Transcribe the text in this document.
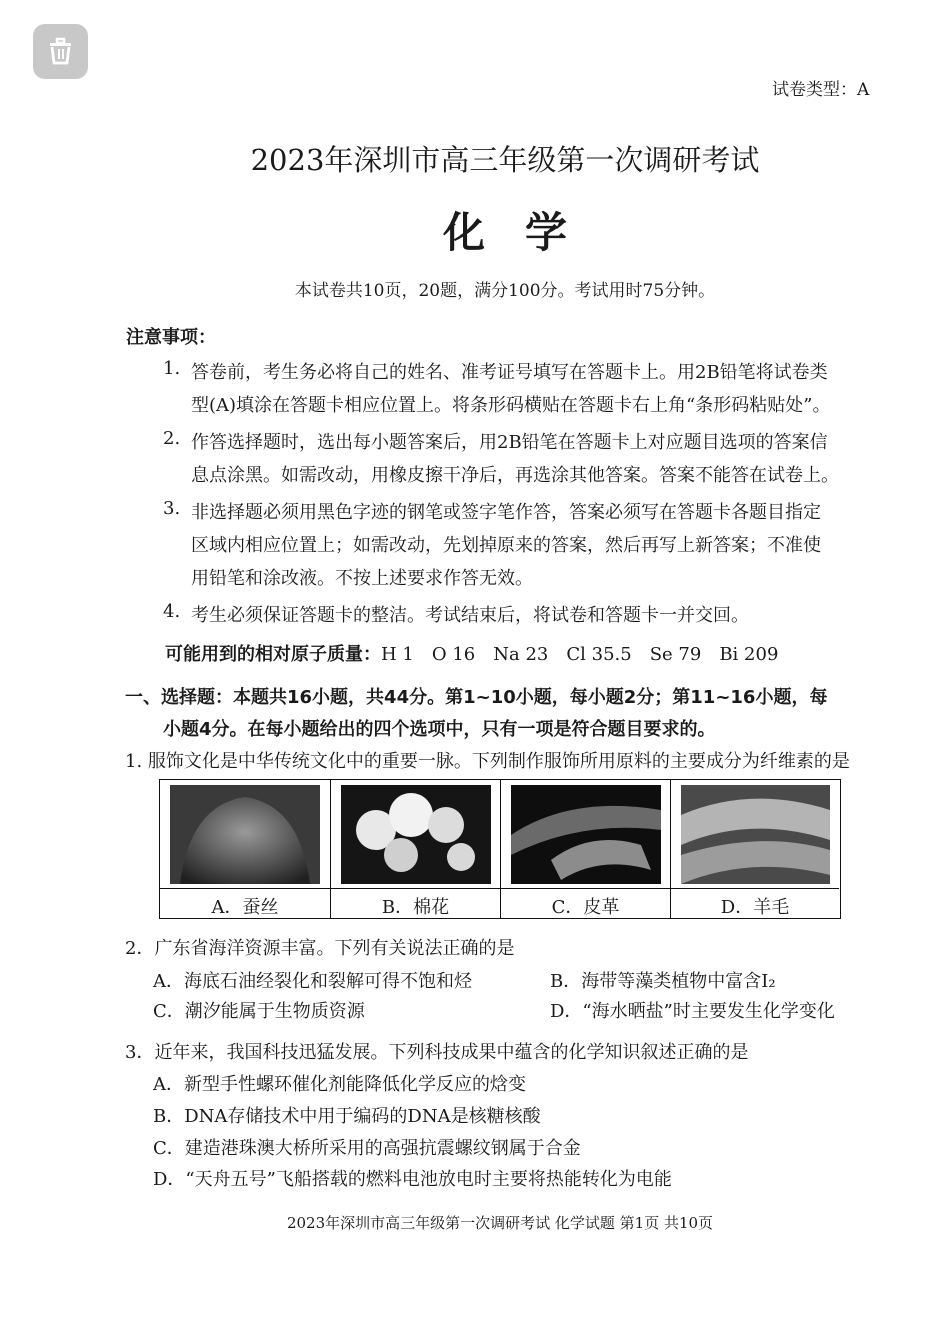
试卷类型：A
2023年深圳市高三年级第一次调研考试
化学
本试卷共10页，20题，满分100分。考试用时75分钟。
注意事项：
1. 答卷前，考生务必将自己的姓名、准考证号填写在答题卡上。用2B铅笔将试卷类
型(A)填涂在答题卡相应位置上。将条形码横贴在答题卡右上角“条形码粘贴处”。
2. 作答选择题时，选出每小题答案后，用2B铅笔在答题卡上对应题目选项的答案信
息点涂黑。如需改动，用橡皮擦干净后，再选涂其他答案。答案不能答在试卷上。
3. 非选择题必须用黑色字迹的钢笔或签字笔作答，答案必须写在答题卡各题目指定
区域内相应位置上；如需改动，先划掉原来的答案，然后再写上新答案；不准使
用铅笔和涂改液。不按上述要求作答无效。
4. 考生必须保证答题卡的整洁。考试结束后，将试卷和答题卡一并交回。
可能用到的相对原子质量：H 1 O 16 Na 23 Cl 35.5 Se 79 Bi 209
一、选择题：本题共16小题，共44分。第1~10小题，每小题2分；第11~16小题，每
小题4分。在每小题给出的四个选项中，只有一项是符合题目要求的。
1. 服饰文化是中华传统文化中的重要一脉。下列制作服饰所用原料的主要成分为纤维素的是
A．蚕丝	B．棉花	C．皮革	D．羊毛
2．广东省海洋资源丰富。下列有关说法正确的是
A．海底石油经裂化和裂解可得不饱和烃	B．海带等藻类植物中富含I₂
C．潮汐能属于生物质资源	D．“海水晒盐”时主要发生化学变化
3．近年来，我国科技迅猛发展。下列科技成果中蕴含的化学知识叙述正确的是
A．新型手性螺环催化剂能降低化学反应的焓变
B．DNA存储技术中用于编码的DNA是核糖核酸
C．建造港珠澳大桥所采用的高强抗震螺纹钢属于合金
D．“天舟五号”飞船搭载的燃料电池放电时主要将热能转化为电能
2023年深圳市高三年级第一次调研考试 化学试题 第1页 共10页
